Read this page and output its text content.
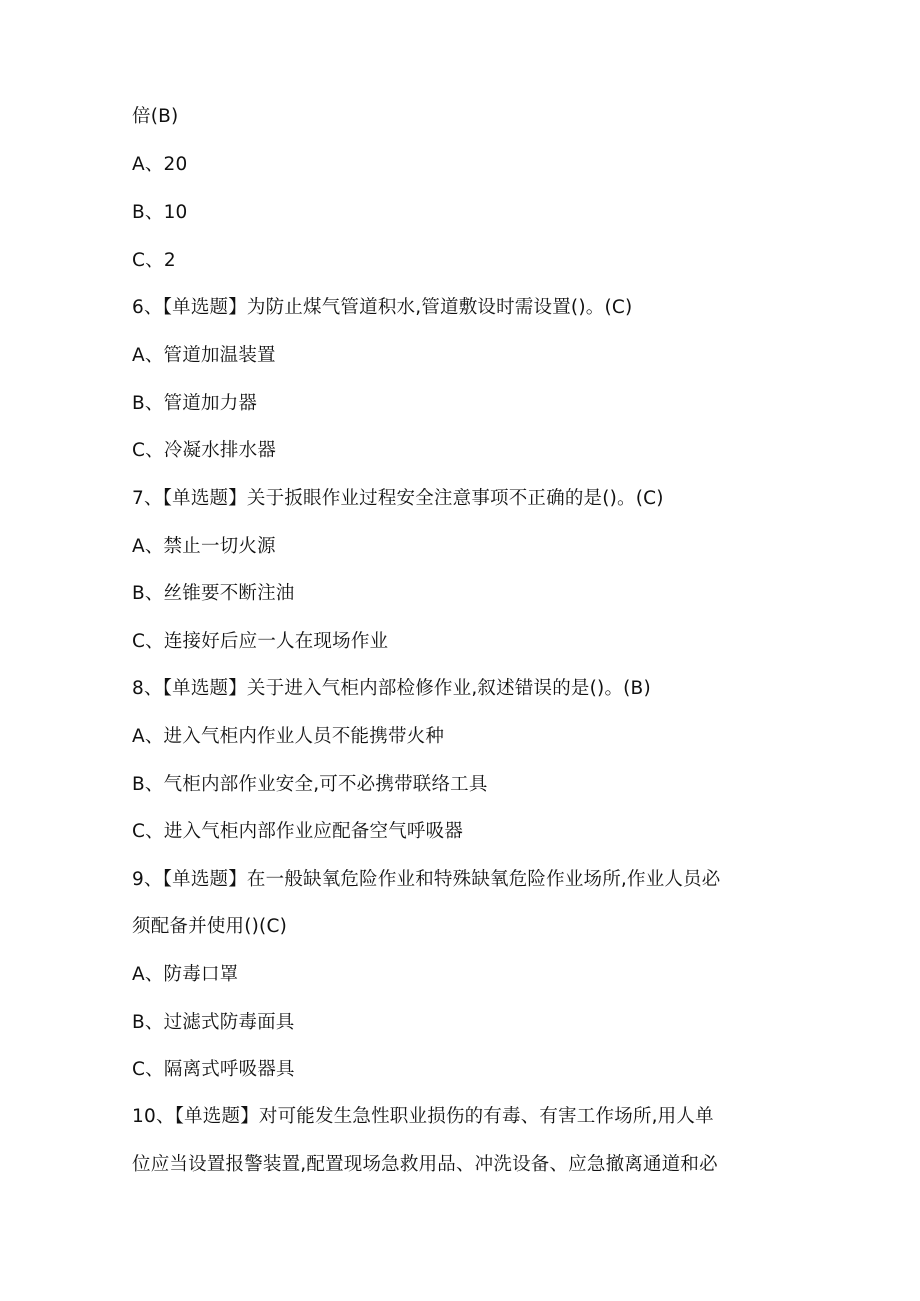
倍(B)
A、20
B、10
C、2
6、【单选题】为防止煤气管道积水,管道敷设时需设置()。(C)
A、管道加温装置
B、管道加力器
C、冷凝水排水器
7、【单选题】关于扳眼作业过程安全注意事项不正确的是()。(C)
A、禁止一切火源
B、丝锥要不断注油
C、连接好后应一人在现场作业
8、【单选题】关于进入气柜内部检修作业,叙述错误的是()。(B)
A、进入气柜内作业人员不能携带火种
B、气柜内部作业安全,可不必携带联络工具
C、进入气柜内部作业应配备空气呼吸器
9、【单选题】在一般缺氧危险作业和特殊缺氧危险作业场所,作业人员必
须配备并使用()(C)
A、防毒口罩
B、过滤式防毒面具
C、隔离式呼吸器具
10、【单选题】对可能发生急性职业损伤的有毒、有害工作场所,用人单
位应当设置报警装置,配置现场急救用品、冲洗设备、应急撤离通道和必
